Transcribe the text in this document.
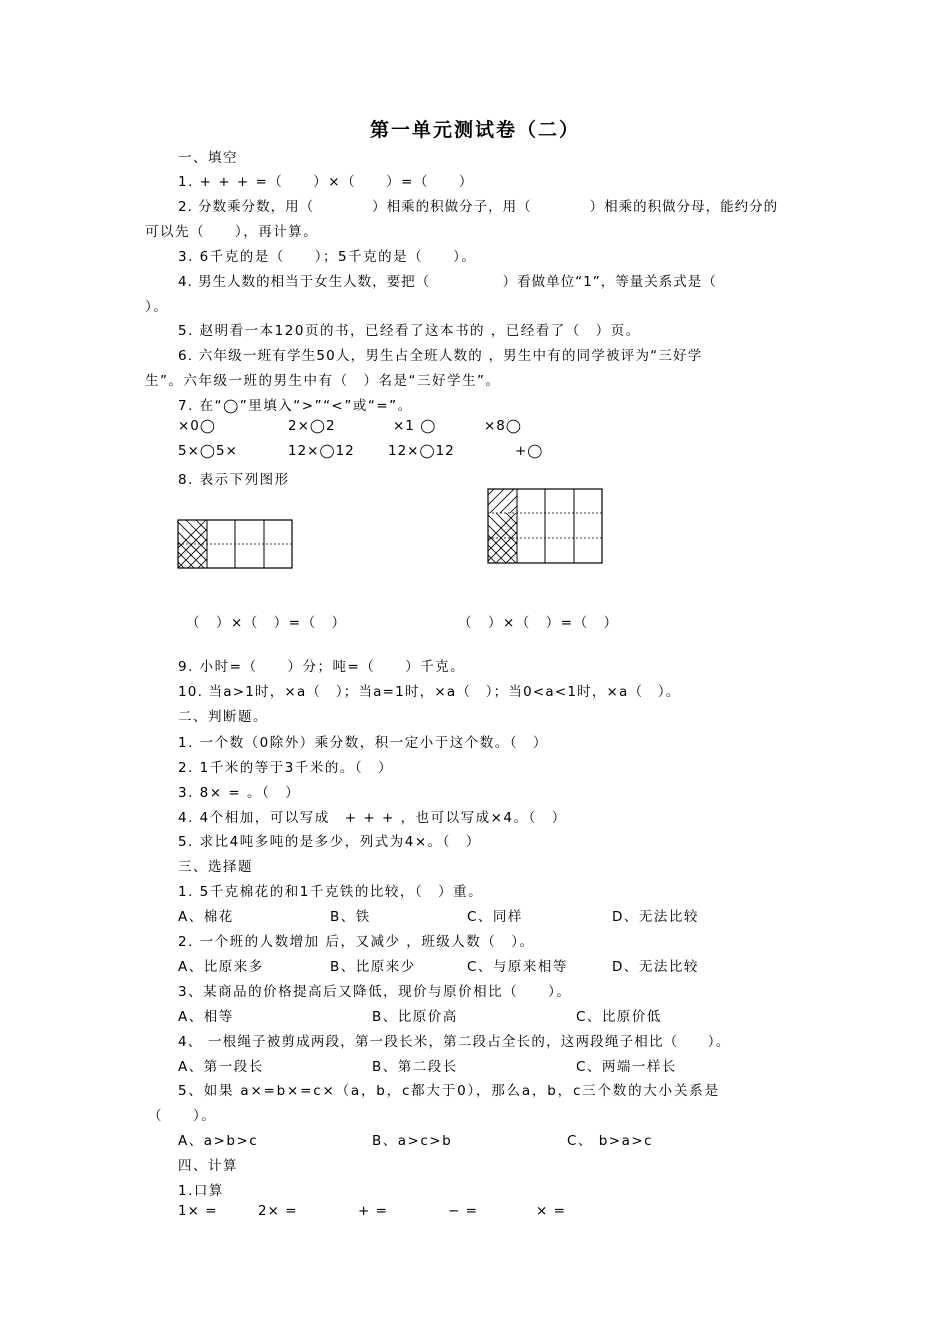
第一单元测试卷（二）
一、填空
1. + + + =（　　）×（　　）=（　　）
2. 分数乘分数，用（　　　　）相乘的积做分子，用（　　　　）相乘的积做分母，能约分的
可以先（　　），再计算。
3. 6千克的是（　　）；5千克的是（　　）。
4. 男生人数的相当于女生人数，要把（　　　　　）看做单位“1”，等量关系式是（
）。
5. 赵明看一本120页的书，已经看了这本书的 ，已经看了（　）页。
6. 六年级一班有学生50人，男生占全班人数的 ，男生中有的同学被评为“三好学
生”。六年级一班的男生中有（　）名是“三好学生”。
7. 在“◯”里填入“>”“<”或“=”。
×0◯	2×◯2	×1 ◯	×8◯
5×◯5×	12×◯12 12×◯12	+◯
8. 表示下列图形
（　）×（　）=（　）	（　）×（　）=（　）
9. 小时=（　　）分；吨=（　　）千克。
10. 当a>1时，×a（　）；当a=1时，×a（　）；当0<a<1时，×a（　）。
二、判断题。
1. 一个数（0除外）乘分数，积一定小于这个数。（　）
2. 1千米的等于3千米的。（　）
3. 8× = 。（　）
4. 4个相加，可以写成　+ + + ，也可以写成×4。（　）
5. 求比4吨多吨的是多少，列式为4×。（　）
三、选择题
1. 5千克棉花的和1千克铁的比较，（　）重。
A、棉花	B、铁	C、同样	D、无法比较
2. 一个班的人数增加 后，又减少 ，班级人数（　）。
A、比原来多	B、比原来少	C、与原来相等	D、无法比较
3、某商品的价格提高后又降低，现价与原价相比（　　）。
A、相等	B、比原价高	C、比原价低
4、 一根绳子被剪成两段，第一段长米，第二段占全长的，这两段绳子相比（　　）。
A、第一段长	B、第二段长	C、两端一样长
5、如果 a×=b×=c×（a，b，c都大于0），那么a，b，c三个数的大小关系是
（　　）。
A、a>b>c	B、a>c>b	C、 b>a>c
四、计算
1.口算
1× =	2× =	+ =	− =	× =
